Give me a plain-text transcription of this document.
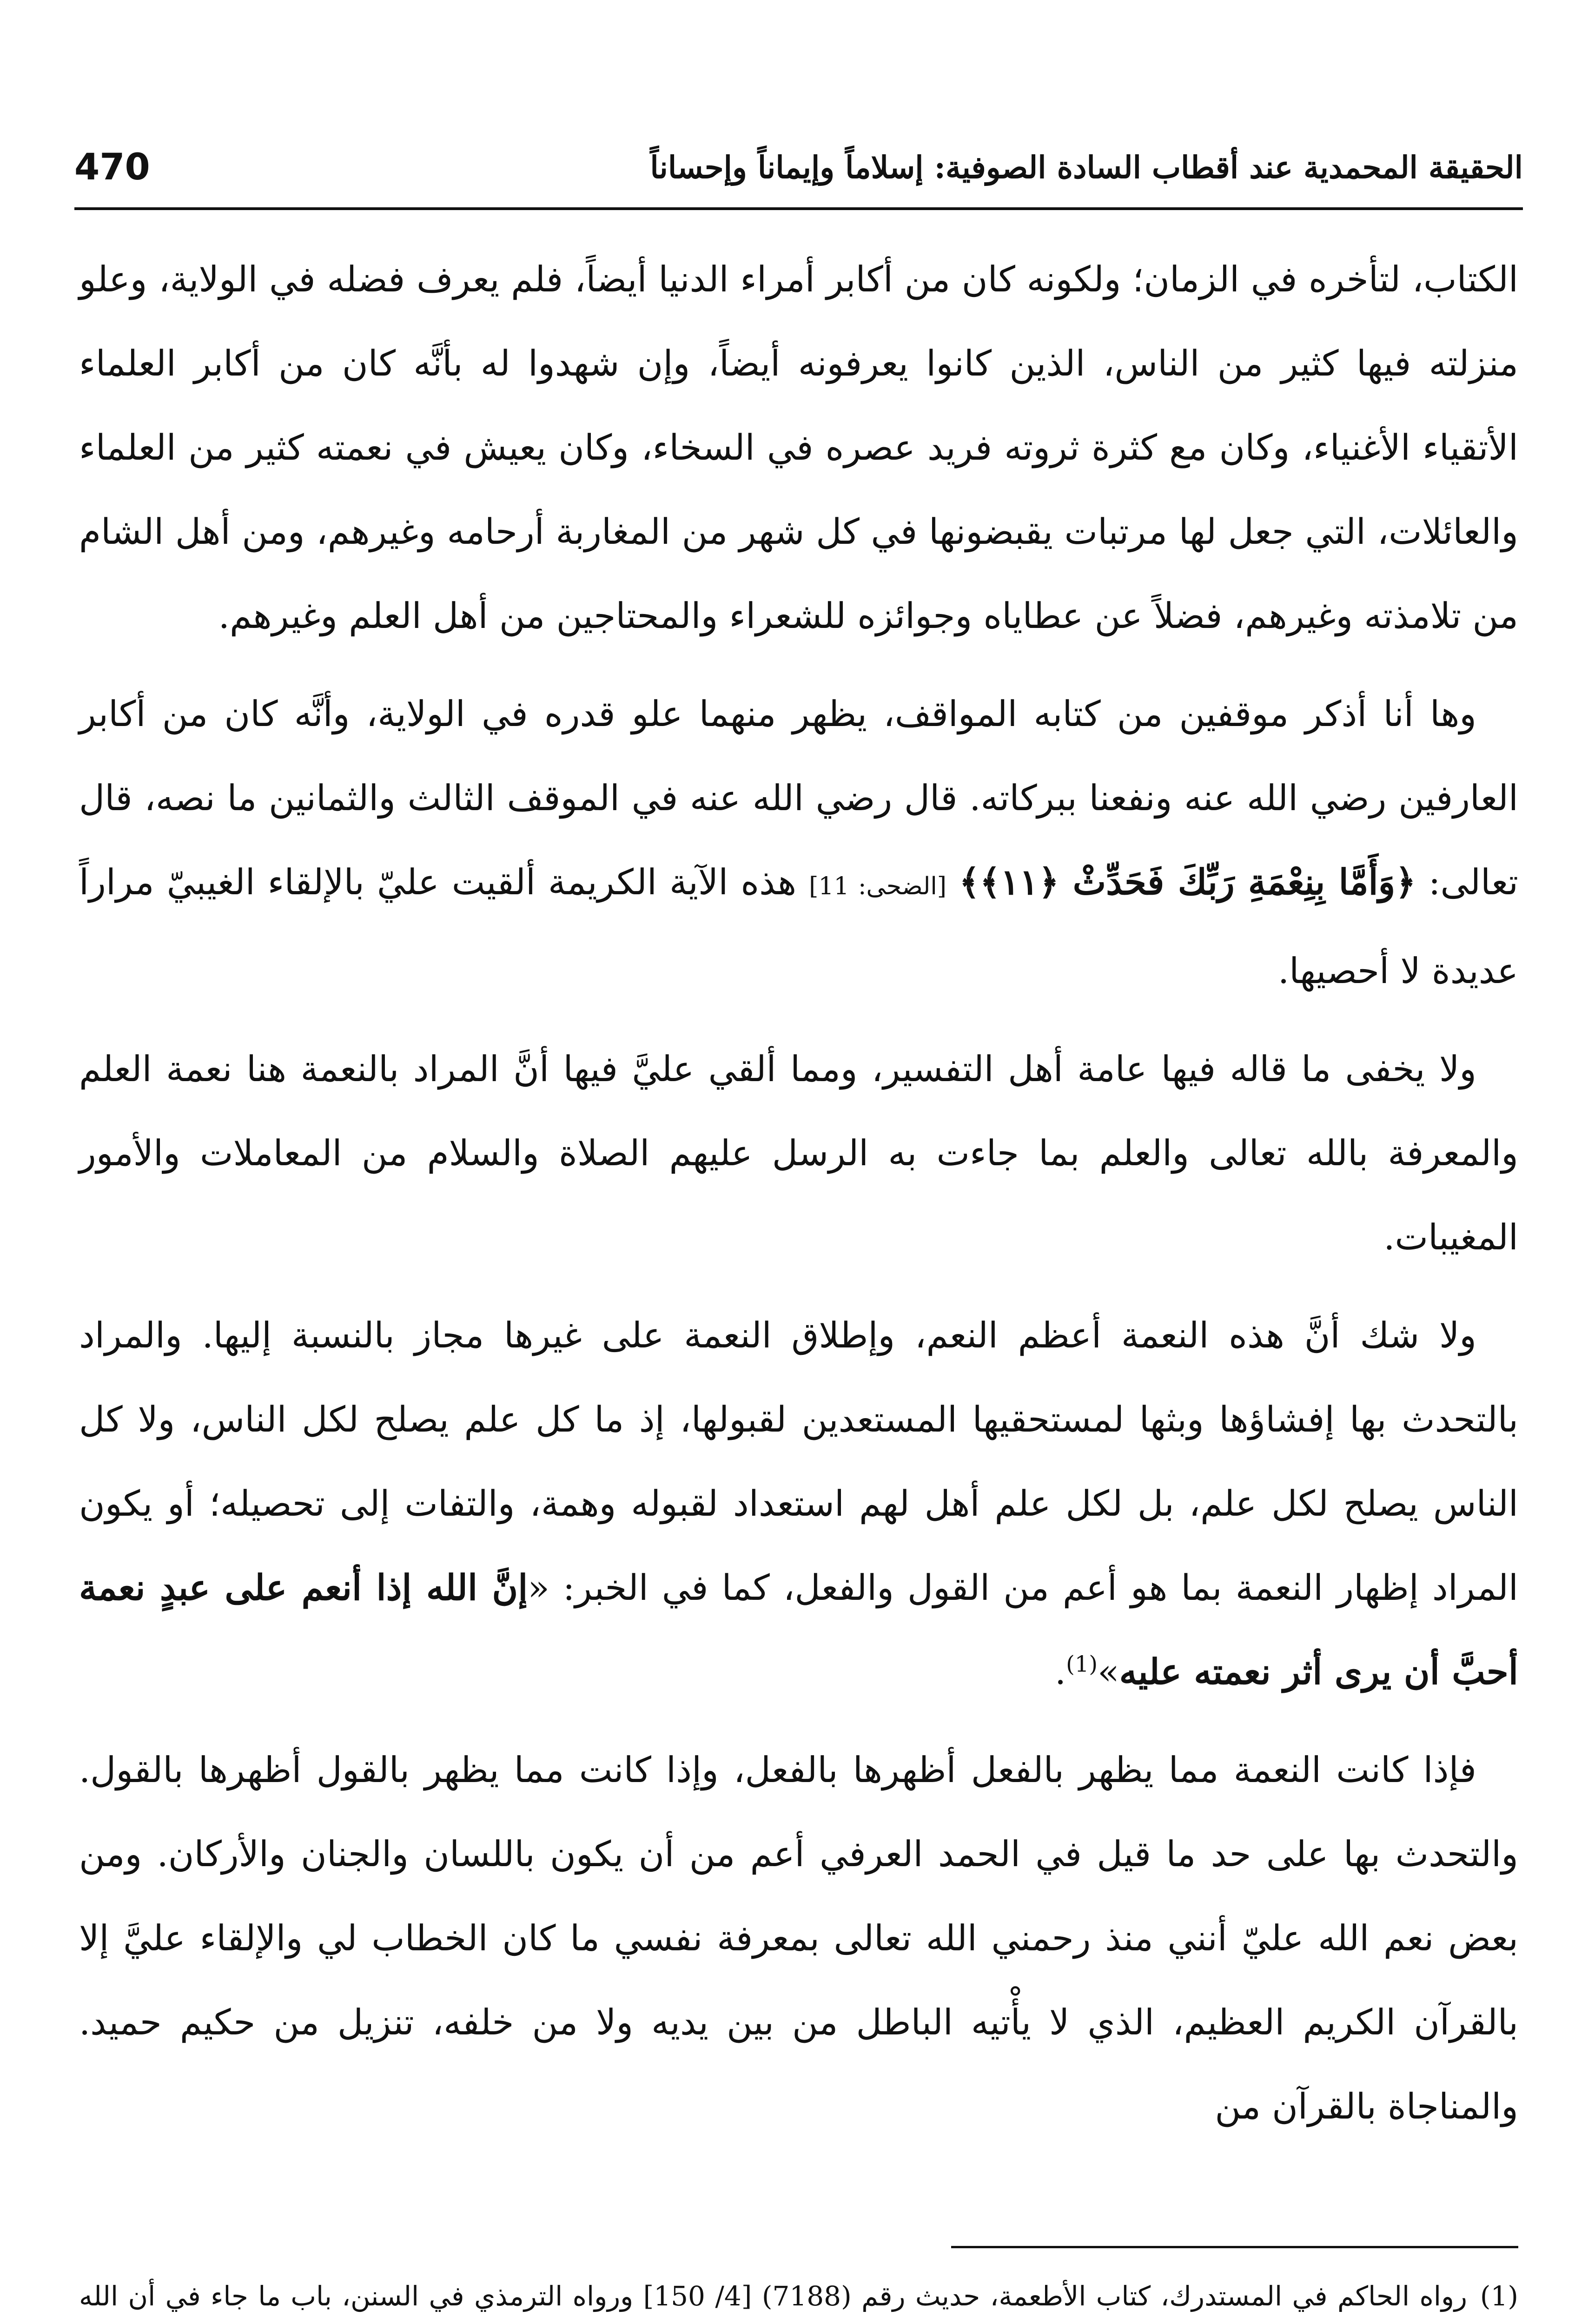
470	الحقيقة المحمدية عند أقطاب السادة الصوفية: إسلاماً وإيماناً وإحساناً

الكتاب، لتأخره في الزمان؛ ولكونه كان من أكابر أمراء الدنيا أيضاً، فلم يعرف فضله في الولاية، وعلو منزلته فيها كثير من الناس، الذين كانوا يعرفونه أيضاً، وإن شهدوا له بأنَّه كان من أكابر العلماء الأتقياء الأغنياء، وكان مع كثرة ثروته فريد عصره في السخاء، وكان يعيش في نعمته كثير من العلماء والعائلات، التي جعل لها مرتبات يقبضونها في كل شهر من المغاربة أرحامه وغيرهم، ومن أهل الشام من تلامذته وغيرهم، فضلاً عن عطاياه وجوائزه للشعراء والمحتاجين من أهل العلم وغيرهم.

وها أنا أذكر موقفين من كتابه المواقف، يظهر منهما علو قدره في الولاية، وأنَّه كان من أكابر العارفين رضي الله عنه ونفعنا ببركاته. قال رضي الله عنه في الموقف الثالث والثمانين ما نصه، قال تعالى: ﴿وَأَمَّا بِنِعْمَةِ رَبِّكَ فَحَدِّثْ ﴿١١﴾﴾ [الضحى: 11] هذه الآية الكريمة ألقيت عليّ بالإلقاء الغيبيّ مراراً عديدة لا أحصيها.

ولا يخفى ما قاله فيها عامة أهل التفسير، ومما ألقي عليَّ فيها أنَّ المراد بالنعمة هنا نعمة العلم والمعرفة بالله تعالى والعلم بما جاءت به الرسل عليهم الصلاة والسلام من المعاملات والأمور المغيبات.

ولا شك أنَّ هذه النعمة أعظم النعم، وإطلاق النعمة على غيرها مجاز بالنسبة إليها. والمراد بالتحدث بها إفشاؤها وبثها لمستحقيها المستعدين لقبولها، إذ ما كل علم يصلح لكل الناس، ولا كل الناس يصلح لكل علم، بل لكل علم أهل لهم استعداد لقبوله وهمة، والتفات إلى تحصيله؛ أو يكون المراد إظهار النعمة بما هو أعم من القول والفعل، كما في الخبر: «إنَّ الله إذا أنعم على عبدٍ نعمة أحبَّ أن يرى أثر نعمته عليه»$^{(1)}$.

فإذا كانت النعمة مما يظهر بالفعل أظهرها بالفعل، وإذا كانت مما يظهر بالقول أظهرها بالقول. والتحدث بها على حد ما قيل في الحمد العرفي أعم من أن يكون باللسان والجنان والأركان. ومن بعض نعم الله عليّ أنني منذ رحمني الله تعالى بمعرفة نفسي ما كان الخطاب لي والإلقاء عليَّ إلا بالقرآن الكريم العظيم، الذي لا يأْتيه الباطل من بين يديه ولا من خلفه، تنزيل من حكيم حميد. والمناجاة بالقرآن من

(1)رواه الحاكم في المستدرك، كتاب الأطعمة، حديث رقم (7188) [4/ 150] ورواه الترمذي في السنن، باب ما جاء في أن الله
